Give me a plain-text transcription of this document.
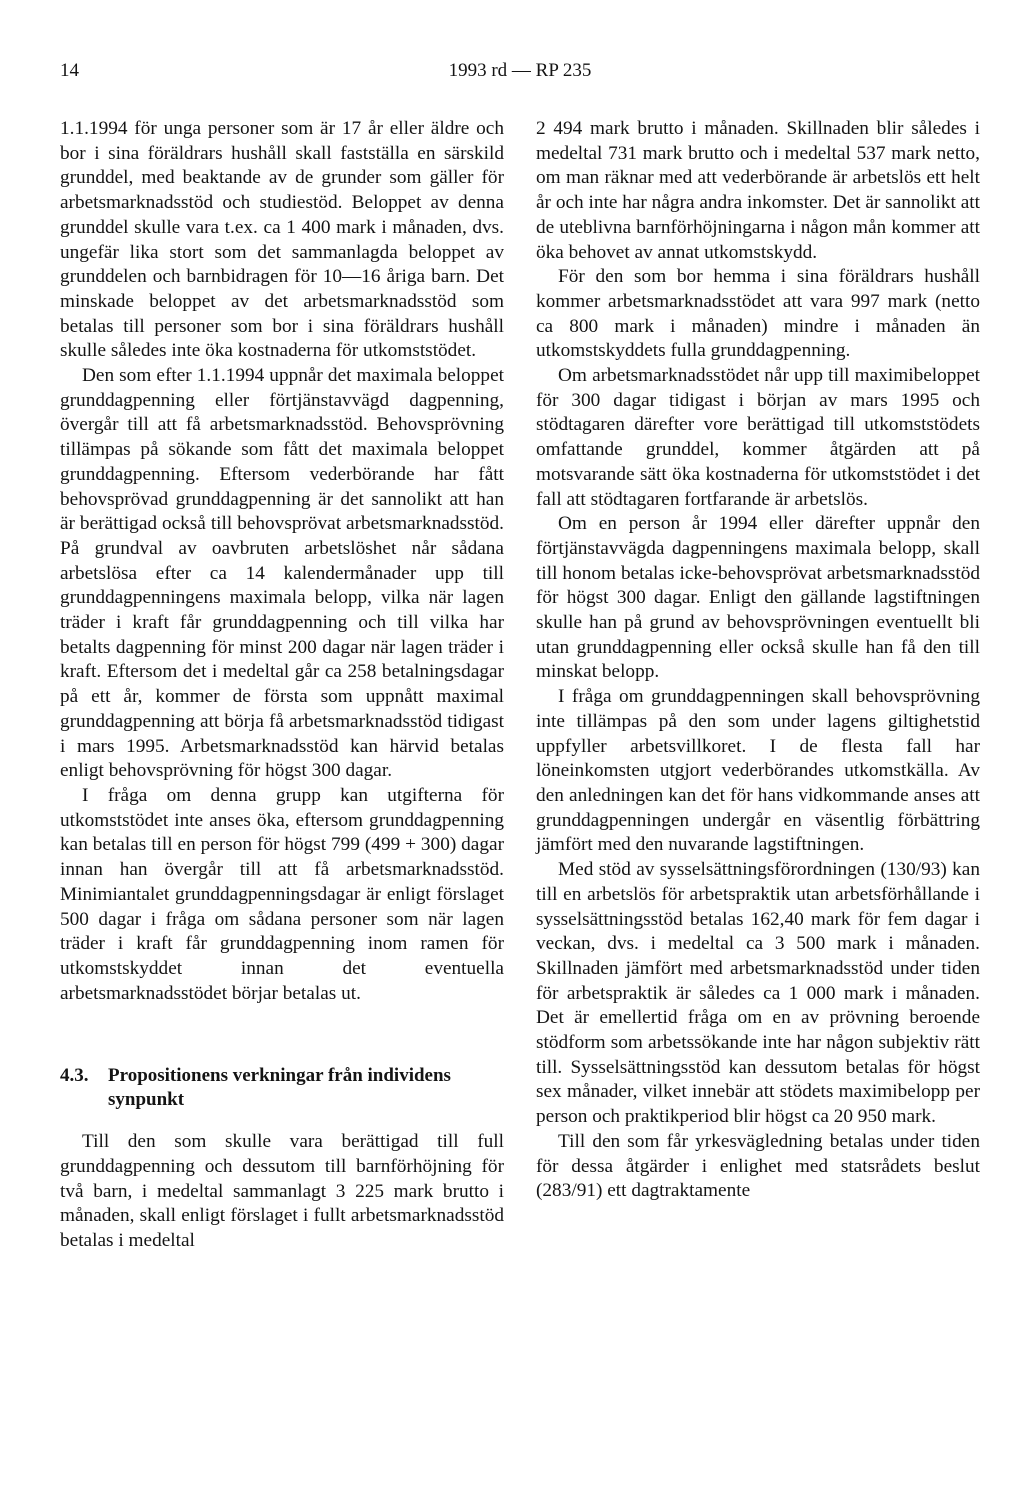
14	1993 rd — RP 235

1.1.1994 för unga personer som är 17 år eller äldre och bor i sina föräldrars hushåll skall fastställa en särskild grunddel, med beaktande av de grunder som gäller för arbetsmarknadsstöd och studiestöd. Beloppet av denna grunddel skulle vara t.ex. ca 1 400 mark i månaden, dvs. ungefär lika stort som det sammanlagda beloppet av grunddelen och barnbidragen för 10—16 åriga barn. Det minskade beloppet av det arbetsmarknadsstöd som betalas till personer som bor i sina föräldrars hushåll skulle således inte öka kostnaderna för utkomststödet.

Den som efter 1.1.1994 uppnår det maximala beloppet grunddagpenning eller förtjänstavvägd dagpenning, övergår till att få arbetsmarknadsstöd. Behovsprövning tillämpas på sökande som fått det maximala beloppet grunddagpenning. Eftersom vederbörande har fått behovsprövad grunddagpenning är det sannolikt att han är berättigad också till behovsprövat arbetsmarknadsstöd. På grundval av oavbruten arbetslöshet når sådana arbetslösa efter ca 14 kalendermånader upp till grunddagpenningens maximala belopp, vilka när lagen träder i kraft får grunddagpenning och till vilka har betalts dagpenning för minst 200 dagar när lagen träder i kraft. Eftersom det i medeltal går ca 258 betalningsdagar på ett år, kommer de första som uppnått maximal grunddagpenning att börja få arbetsmarknadsstöd tidigast i mars 1995. Arbetsmarknadsstöd kan härvid betalas enligt behovsprövning för högst 300 dagar.

I fråga om denna grupp kan utgifterna för utkomststödet inte anses öka, eftersom grunddagpenning kan betalas till en person för högst 799 (499 + 300) dagar innan han övergår till att få arbetsmarknadsstöd. Minimiantalet grunddagpenningsdagar är enligt förslaget 500 dagar i fråga om sådana personer som när lagen träder i kraft får grunddagpenning inom ramen för utkomstskyddet innan det eventuella arbetsmarknadsstödet börjar betalas ut.

4.3.	Propositionens verkningar från individens synpunkt

Till den som skulle vara berättigad till full grunddagpenning och dessutom till barnförhöjning för två barn, i medeltal sammanlagt 3 225 mark brutto i månaden, skall enligt förslaget i fullt arbetsmarknadsstöd betalas i medeltal

2 494 mark brutto i månaden. Skillnaden blir således i medeltal 731 mark brutto och i medeltal 537 mark netto, om man räknar med att vederbörande är arbetslös ett helt år och inte har några andra inkomster. Det är sannolikt att de uteblivna barnförhöjningarna i någon mån kommer att öka behovet av annat utkomstskydd.

För den som bor hemma i sina föräldrars hushåll kommer arbetsmarknadsstödet att vara 997 mark (netto ca 800 mark i månaden) mindre i månaden än utkomstskyddets fulla grunddagpenning.

Om arbetsmarknadsstödet når upp till maximibeloppet för 300 dagar tidigast i början av mars 1995 och stödtagaren därefter vore berättigad till utkomststödets omfattande grunddel, kommer åtgärden att på motsvarande sätt öka kostnaderna för utkomststödet i det fall att stödtagaren fortfarande är arbetslös.

Om en person år 1994 eller därefter uppnår den förtjänstavvägda dagpenningens maximala belopp, skall till honom betalas icke-behovsprövat arbetsmarknadsstöd för högst 300 dagar. Enligt den gällande lagstiftningen skulle han på grund av behovsprövningen eventuellt bli utan grunddagpenning eller också skulle han få den till minskat belopp.

I fråga om grunddagpenningen skall behovsprövning inte tillämpas på den som under lagens giltighetstid uppfyller arbetsvillkoret. I de flesta fall har löneinkomsten utgjort vederbörandes utkomstkälla. Av den anledningen kan det för hans vidkommande anses att grunddagpenningen undergår en väsentlig förbättring jämfört med den nuvarande lagstiftningen.

Med stöd av sysselsättningsförordningen (130/93) kan till en arbetslös för arbetspraktik utan arbetsförhållande i sysselsättningsstöd betalas 162,40 mark för fem dagar i veckan, dvs. i medeltal ca 3 500 mark i månaden. Skillnaden jämfört med arbetsmarknadsstöd under tiden för arbetspraktik är således ca 1 000 mark i månaden. Det är emellertid fråga om en av prövning beroende stödform som arbetssökande inte har någon subjektiv rätt till. Sysselsättningsstöd kan dessutom betalas för högst sex månader, vilket innebär att stödets maximibelopp per person och praktikperiod blir högst ca 20 950 mark.

Till den som får yrkesvägledning betalas under tiden för dessa åtgärder i enlighet med statsrådets beslut (283/91) ett dagtraktamente
